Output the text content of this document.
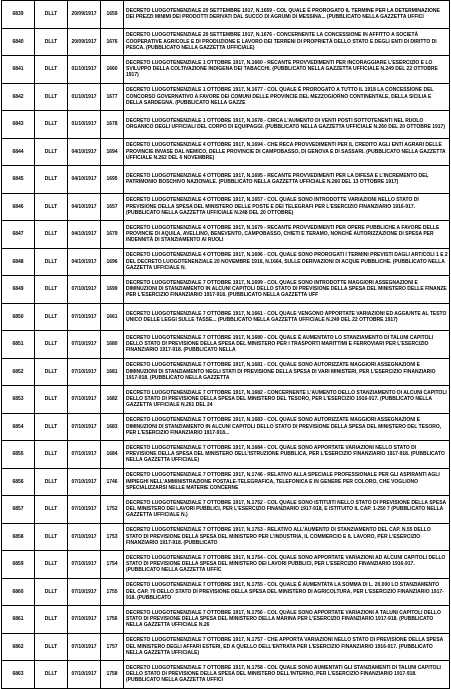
6839	DLLT	20/09/1917	1659	DECRETO LUOGOTENENZIALE 20 SETTEMBRE 1917, N.1659 - COL QUALE È PROROGATO IL TERMINE PER LA DETERMINAZIONE DEI PREZZI MINIMI DEI PRODOTTI DERIVATI DAL SUCCO DI AGRUMI DI MESSINA... (PUBBLICATO NELLA GAZZETTA UFFICI

6840	DLLT	20/09/1917	1676	DECRETO LUOGOTENENZIALE 20 SETTEMBRE 1917, N.1676 - CONCERNENTE LA CONCESSIONE IN AFFITTO A SOCIETÀ COOPERATIVE AGRICOLE E DI PRODUZIONE E LAVORO DEI TERRENI DI PROPRIETÀ DELLO STATO E DEGLI ENTI DI DIRITTO DI PESCA. (PUBBLICATO NELLA GAZZETTA UFFICIALE)

6841	DLLT	01/10/1917	1660	DECRETO LUOGOTENENZIALE 1 OTTOBRE 1917, N.1660 - RECANTE PROVVEDIMENTI PER INCORAGGIARE L'ESERCIZIO E LO SVILUPPO DELLA COLTIVAZIONE INDIGENA DEI TABACCHI. (PUBBLICATO NELLA GAZZETTA UFFICIALE N.249 DEL 22 OTTOBRE 1917)

6842	DLLT	01/10/1917	1677	DECRETO LUOGOTENENZIALE 1 OTTOBRE 1917, N.1677 - COL QUALE È PROROGATO A TUTTO IL 1918 LA CONCESSIONE DEL CONCORSO GOVERNATIVO A FAVORE DEI COMUNI DELLE PROVINCIE DEL MEZZOGIORNO CONTINENTALE, DELLA SICILIA E DELLA SARDEGNA. (PUBBLICATO NELLA GAZZE

6843	DLLT	01/10/1917	1678	DECRETO LUOGOTENENZIALE 1 OTTOBRE 1917, N.1678 - CIRCA L'AUMENTO DI VENTI POSTI SOTTOTENENTI NEL RUOLO ORGANICO DEGLI UFFICIALI DEL CORPO DI EQUIPAGGI. (PUBBLICATO NELLA GAZZETTA UFFICIALE N.260 DEL 20 OTTOBRE 1917)

6844	DLLT	04/10/1917	1694	DECRETO LUOGOTENENZIALE 4 OTTOBRE 1917, N.1694 - CHE RECA PROVVEDIMENTI PER IL CREDITO AGLI ENTI AGRARI DELLE PROVINCIE INVASE DAL NEMICO, DELLE PROVINCIE DI CAMPOBASSO, DI GENOVA E DI SASSARI. (PUBBLICATO NELLA GAZZETTA UFFICIALE N.262 DEL 6 NOVEMBRE)

6845	DLLT	04/10/1917	1695	DECRETO LUOGOTENENZIALE 4 OTTOBRE 1917, N.1695 - RECANTE PROVVEDIMENTI PER LA DIFESA E L'INCREMENTO DEL PATRIMONIO BOSCHIVO NAZIONALE. (PUBBLICATO NELLA GAZZETTA UFFICIALE N.260 DEL 13 OTTOBRE 1917)

6846	DLLT	04/10/1917	1657	DECRETO LUOGOTENENZIALE 4 OTTOBRE 1917, N.1657 - COL QUALE SONO INTRODOTTE VARIAZIONI NELLO STATO DI PREVISIONE DELLA SPESA DEL MINISTERO DELLE POSTE E DEI TELEGRAFI PER L'ESERCIZIO FINANZIARIO 1916-917. (PUBBLICATO NELLA GAZZETTA UFFICIALE N.248 DEL 20 OTTOBRE)

6847	DLLT	04/10/1917	1679	DECRETO LUOGOTENENZIALE 4 OTTOBRE 1917, N.1679 - RECANTE PROVVEDIMENTI PER OPERE PUBBLICHE A FAVORE DELLE PROVINCIE DI AQUILA, AVELLINO, BENEVENTO, CAMPOBASSO, CHIETI E TERAMO, NONCHÉ AUTORIZZAZIONE DI SPESA PER INDENNITÀ DI STANZIAMENTO AI RUOLI

6848	DLLT	04/10/1917	1696	DECRETO LUOGOTENENZIALE 4 OTTOBRE 1917, N.1696 - COL QUALE SONO PROROGATI I TERMINI PREVISTI DAGLI ARTICOLI 1 E 2 DEL DECRETO LUOGOTENENZIALE 20 NOVEMBRE 1916, N.1664, SULLE DERIVAZIONI DI ACQUE PUBBLICHE. (PUBBLICATO NELLA GAZZETTA UFFICIALE N.

6849	DLLT	07/10/1917	1699	DECRETO LUOGOTENENZIALE 7 OTTOBRE 1917, N.1699 - COL QUALE SONO INTRODOTTE MAGGIORI ASSEGNAZIONI E DIMINUZIONI DI STANZIAMENTO IN ALCUNI CAPITOLI DELLO STATO DI PREVISIONE DELLA SPESA DEL MINISTERO DELLE FINANZE PER L'ESERCIZIO FINANZIARIO 1917-918. (PUBBLICATO NELLA GAZZETTA UFF

6850	DLLT	07/10/1917	1661	DECRETO LUOGOTENENZIALE 7 OTTOBRE 1917, N.1661 - COL QUALE VENGONO APPORTATE VARIAZIONI ED AGGIUNTE AL TESTO UNICO DELLE LEGGI SULLE TASSE... (PUBBLICATO NELLA GAZZETTA UFFICIALE N.249 DEL 22 OTTOBRE 1917)

6851	DLLT	07/10/1917	1680	DECRETO LUOGOTENENZIALE 7 OTTOBRE 1917, N.1680 - COL QUALE È AUMENTATO LO STANZIAMENTO DI TALUNI CAPITOLI DELLO STATO DI PREVISIONE DELLA SPESA DEL MINISTERO PER I TRASPORTI MARITTIMI E FERROVIARI PER L'ESERCIZIO FINANZIARIO 1917-918. (PUBBLICATO NELLA

6852	DLLT	07/10/1917	1681	DECRETO LUOGOTENENZIALE 7 OTTOBRE 1917, N.1681 - COL QUALE SONO AUTORIZZATE MAGGIORI ASSEGNAZIONI E DIMINUZIONI DI STANZIAMENTO NEGLI STATI DI PREVISIONE DELLA SPESA DI VARI MINISTERI, PER L'ESERCIZIO FINANZIARIO 1917-918. (PUBBLICATO NELLA GAZZETTA

6853	DLLT	07/10/1917	1682	DECRETO LUOGOTENENZIALE 7 OTTOBRE 1917, N.1682 - CONCERNENTE L'AUMENTO DELLO STANZIAMENTO DI ALCUNI CAPITOLI DELLO STATO DI PREVISIONE DELLA SPESA DEL MINISTERO DEL TESORO, PER L'ESERCIZIO 1916-917. (PUBBLICATO NELLA GAZZETTA UFFICIALE N.261 DEL 24

6854	DLLT	07/10/1917	1683	DECRETO LUOGOTENENZIALE 7 OTTOBRE 1917, N.1683 - COL QUALE SONO AUTORIZZATE MAGGIORI ASSEGNAZIONI E DIMINUZIONI DI STANZIAMENTO IN ALCUNI CAPITOLI DELLO STATO DI PREVISIONE DELLA SPESA DEL MINISTERO DEL TESORO, PER L'ESERCIZIO FINANZIARIO 1917-918...

6855	DLLT	07/10/1917	1684	DECRETO LUOGOTENENZIALE 7 OTTOBRE 1917, N.1684 - COL QUALE SONO APPORTATE VARIAZIONI NELLO STATO DI PREVISIONE DELLA SPESA DEL MINISTERO DELL'ISTRUZIONE PUBBLICA, PER L'ESERCIZIO FINANZIARIO 1917-918. (PUBBLICATO NELLA GAZZETTA UFFICIALE)

6856	DLLT	07/10/1917	1746	DECRETO LUOGOTENENZIALE 7 OTTOBRE 1917, N.1746 - RELATIVO ALLA SPECIALE PROFESSIONALE PER GLI ASPIRANTI AGLI IMPIEGHI NELL'AMMINISTRAZIONE POSTALE-TELEGRAFICA, TELEFONICA E IN GENERE PER COLORO, CHE VOGLIONO SPECIALIZZARSI NELLE MATERIE CONCERNE

6857	DLLT	07/10/1917	1752	DECRETO LUOGOTENENZIALE 7 OTTOBRE 1917, N.1752 - COL QUALE SONO ISTITUITI NELLO STATO DI PREVISIONE DELLA SPESA DEL MINISTERO DEI LAVORI PUBBLICI, PER L'ESERCIZIO FINANZIARIO 1917-918, E ISTITUITO IL CAP. 1-250 7 (PUBBLICATO NELLA GAZZETTA UFFICIALE N.)

6858	DLLT	07/10/1917	1753	DECRETO LUOGOTENENZIALE 7 OTTOBRE 1917, N.1753 - RELATIVO ALL'AUMENTO DI STANZIAMENTO DEL CAP. N.55 DELLO STATO DI PREVISIONE DELLA SPESA DEL MINISTERO PER L'INDUSTRIA, IL COMMERCIO E IL LAVORO, PER L'ESERCIZIO FINANZIARIO 1917-918. (PUBBLICATO

6859	DLLT	07/10/1917	1754	DECRETO LUOGOTENENZIALE 7 OTTOBRE 1917, N.1754 - COL QUALE SONO APPORTATE VARIAZIONI AD ALCUNI CAPITOLI DELLO STATO DI PREVISIONE DELLA SPESA DEL MINISTERO DEI LAVORI PUBBLICI, PER L'ESERCIZIO FINANZIARIO 1916-917. (PUBBLICATO NELLA GAZZETTA UFFIC

6860	DLLT	07/10/1917	1755	DECRETO LUOGOTENENZIALE 7 OTTOBRE 1917, N.1755 - COL QUALE È AUMENTATA LA SOMMA DI L. 20.000 LO STANZIAMENTO DEL CAP. 70 DELLO STATO DI PREVISIONE DELLA SPESA DEL MINISTERO DI AGRICOLTURA, PER L'ESERCIZIO FINANZIARIO 1917-918. (PUBBLICATO

6861	DLLT	07/10/1917	1756	DECRETO LUOGOTENENZIALE 7 OTTOBRE 1917, N.1756 - COL QUALE SONO APPORTATE VARIAZIONI A TALUNI CAPITOLI DELLO STATO DI PREVISIONE DELLA SPESA DEL MINISTERO DELLA MARINA PER L'ESERCIZIO FINANZIARIO 1917-918. (PUBBLICATO NELLA GAZZETTA UFFICIALE N.26

6862	DLLT	07/10/1917	1757	DECRETO LUOGOTENENZIALE 7 OTTOBRE 1917, N.1757 - CHE APPORTA VARIAZIONI NELLO STATO DI PREVISIONE DELLA SPESA DEL MINISTERO DEGLI AFFARI ESTERI, ED A QUELLO DELL'ENTRATA PER L'ESERCIZIO FINANZIARIO 1916-917. (PUBBLICATO NELLA GAZZETTA UFFICIALE)

6863	DLLT	07/10/1917	1758	DECRETO LUOGOTENENZIALE 7 OTTOBRE 1917, N.1758 - COL QUALE SONO AUMENTATI GLI STANZIAMENTI DI TALUNI CAPITOLI DELLO STATO DI PREVISIONE DELLA SPESA DEL MINISTERO DELL'INTERNO, PER L'ESERCIZIO FINANZIARIO 1917-918. (PUBBLICATO NELLA GAZZETTA UFFICI
